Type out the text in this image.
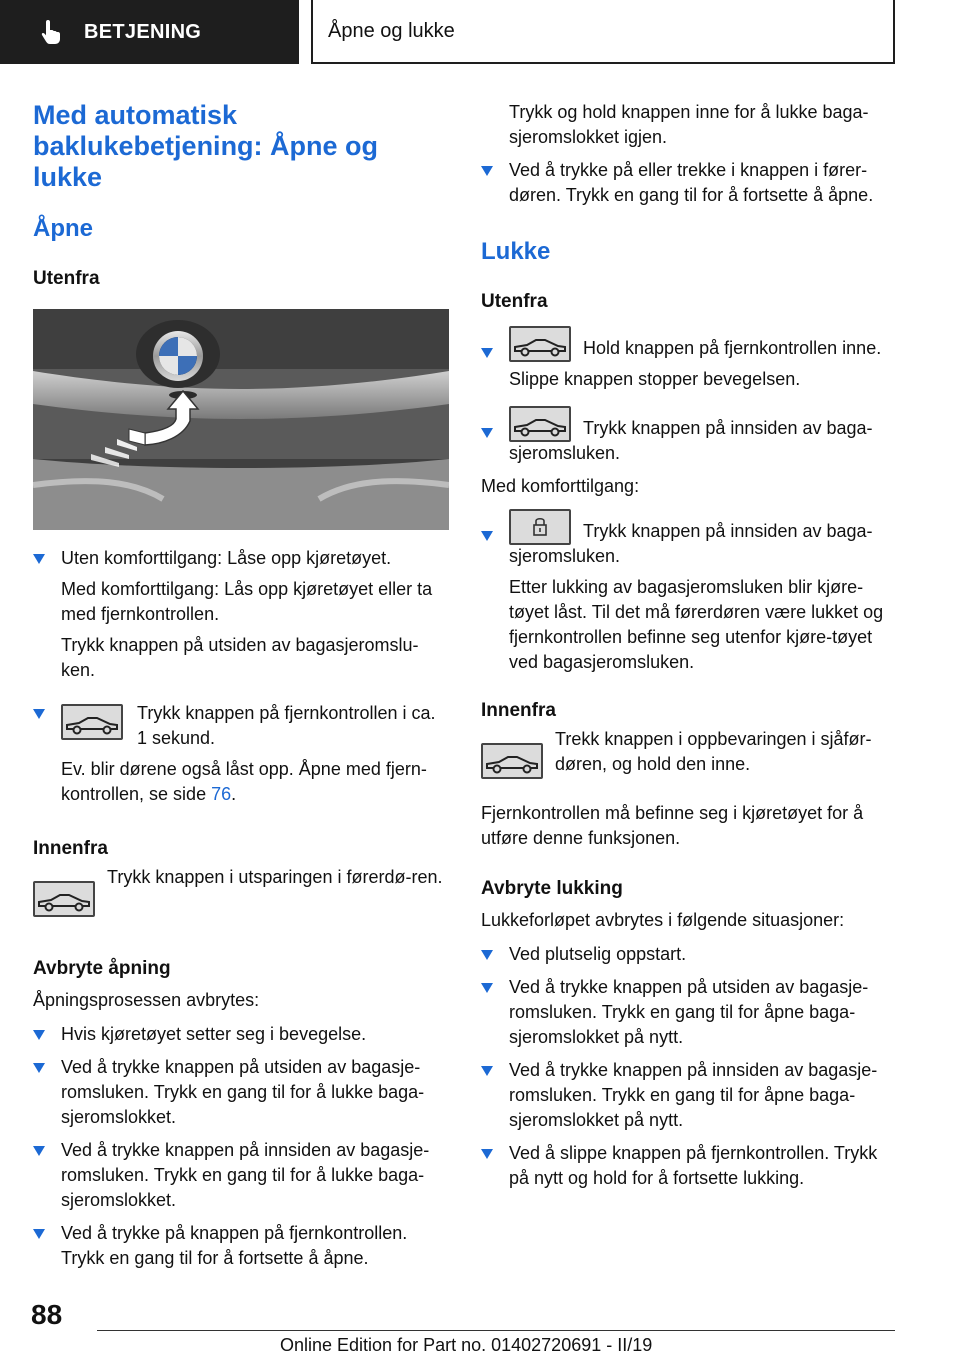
BETJENING	Åpne og lukke
Med automatisk baklukebetjening: Åpne og lukke
Åpne
Utenfra

Uten komforttilgang: Låse opp kjøretøyet.

Med komforttilgang: Lås opp kjøretøyet eller ta med fjernkontrollen.

Trykk knappen på utsiden av bagasjeromslu-ken.

Trykk knappen på fjernkontrollen i ca. 1 sekund.

Ev. blir dørene også låst opp. Åpne med fjern-kontrollen, se side 76.

Innenfra

Trykk knappen i utsparingen i førerdø-ren.

Avbryte åpning

Åpningsprosessen avbrytes:

Hvis kjøretøyet setter seg i bevegelse.

Ved å trykke knappen på utsiden av bagasje-romsluken. Trykk en gang til for å lukke baga-sjeromslokket.

Ved å trykke knappen på innsiden av bagasje-romsluken. Trykk en gang til for å lukke baga-sjeromslokket.

Ved å trykke på knappen på fjernkontrollen. Trykk en gang til for å fortsette å åpne.

Trykk og hold knappen inne for å lukke baga-sjeromslokket igjen.

Ved å trykke på eller trekke i knappen i fører-døren. Trykk en gang til for å fortsette å åpne.

Lukke
Utenfra

Hold knappen på fjernkontrollen inne.

Slippe knappen stopper bevegelsen.

Trykk knappen på innsiden av baga-sjeromsluken.

Med komforttilgang:

Trykk knappen på innsiden av baga-sjeromsluken.

Etter lukking av bagasjeromsluken blir kjøre-tøyet låst. Til det må førerdøren være lukket og fjernkontrollen befinne seg utenfor kjøre-tøyet ved bagasjeromsluken.

Innenfra

Trekk knappen i oppbevaringen i sjåfør-døren, og hold den inne.

Fjernkontrollen må befinne seg i kjøretøyet for å utføre denne funksjonen.

Avbryte lukking

Lukkeforløpet avbrytes i følgende situasjoner:

Ved plutselig oppstart.

Ved å trykke knappen på utsiden av bagasje-romsluken. Trykk en gang til for åpne baga-sjeromslokket på nytt.

Ved å trykke knappen på innsiden av bagasje-romsluken. Trykk en gang til for åpne baga-sjeromslokket på nytt.

Ved å slippe knappen på fjernkontrollen. Trykk på nytt og hold for å fortsette lukking.

88
Online Edition for Part no. 01402720691 - II/19
